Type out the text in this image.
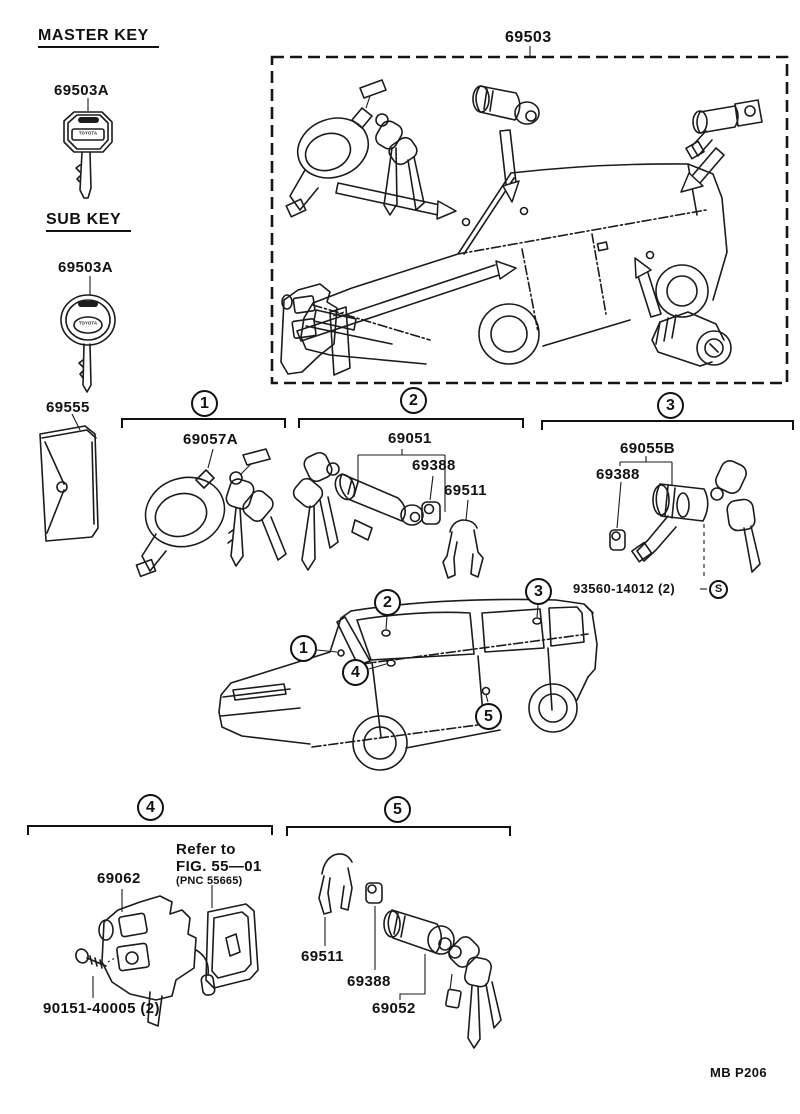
MASTER KEY
69503A
TOYOTA
SUB KEY
69503A
TOYOTA
69555
69503
1	2	3
4	5
69057A	69051
69388
69511
69055B
69388
93560-14012 (2)	S
1
2
3
4
5
Refer to
FIG. 55—01
(PNC 55665)
69062
90151-40005 (2)
69511
69388
69052
MB P206
